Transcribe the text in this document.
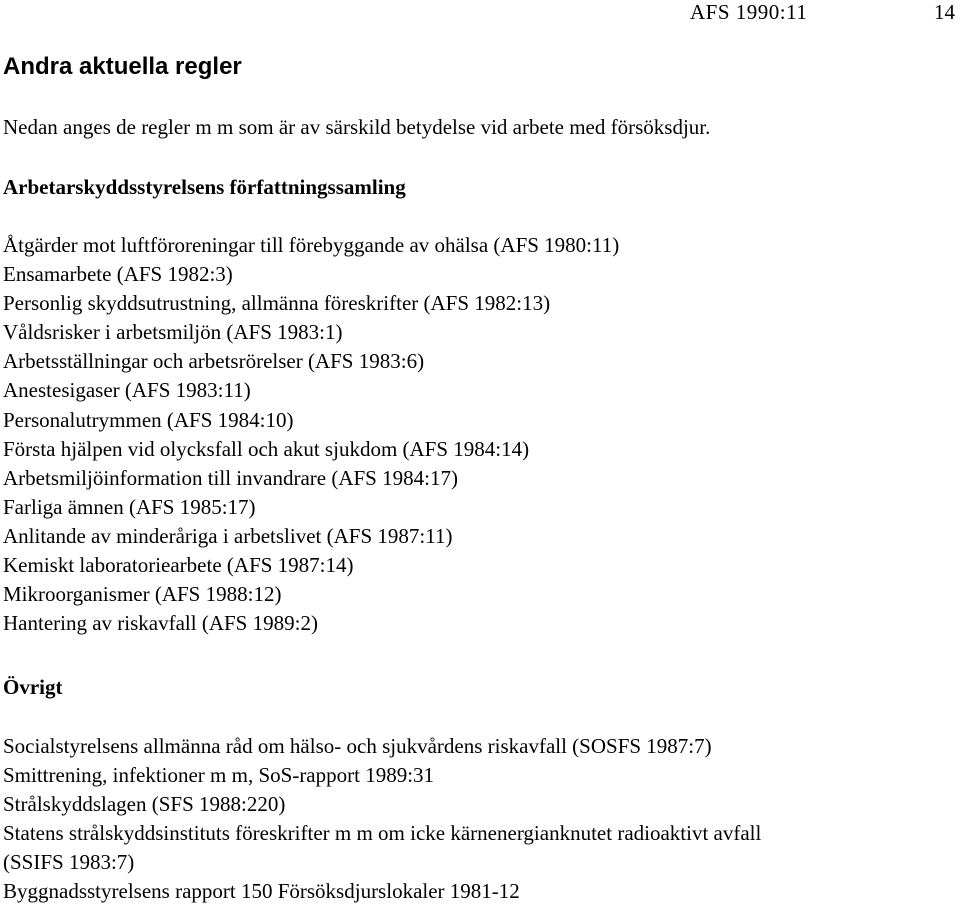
AFS 1990:11	14
Andra aktuella regler

Nedan anges de regler m m som är av särskild betydelse vid arbete med försöksdjur.

Arbetarskyddsstyrelsens författningssamling
Åtgärder mot luftföroreningar till förebyggande av ohälsa (AFS 1980:11)
Ensamarbete (AFS 1982:3)
Personlig skyddsutrustning, allmänna föreskrifter (AFS 1982:13)
Våldsrisker i arbetsmiljön (AFS 1983:1)
Arbetsställningar och arbetsrörelser (AFS 1983:6)
Anestesigaser (AFS 1983:11)
Personalutrymmen (AFS 1984:10)
Första hjälpen vid olycksfall och akut sjukdom (AFS 1984:14)
Arbetsmiljöinformation till invandrare (AFS 1984:17)
Farliga ämnen (AFS 1985:17)
Anlitande av minderåriga i arbetslivet (AFS 1987:11)
Kemiskt laboratoriearbete (AFS 1987:14)
Mikroorganismer (AFS 1988:12)
Hantering av riskavfall (AFS 1989:2)
Övrigt
Socialstyrelsens allmänna råd om hälso- och sjukvårdens riskavfall (SOSFS 1987:7)
Smittrening, infektioner m m, SoS-rapport 1989:31
Strålskyddslagen (SFS 1988:220)
Statens strålskyddsinstituts föreskrifter m m om icke kärnenergianknutet radioaktivt avfall
(SSIFS 1983:7)
Byggnadsstyrelsens rapport 150 Försöksdjurslokaler 1981-12
